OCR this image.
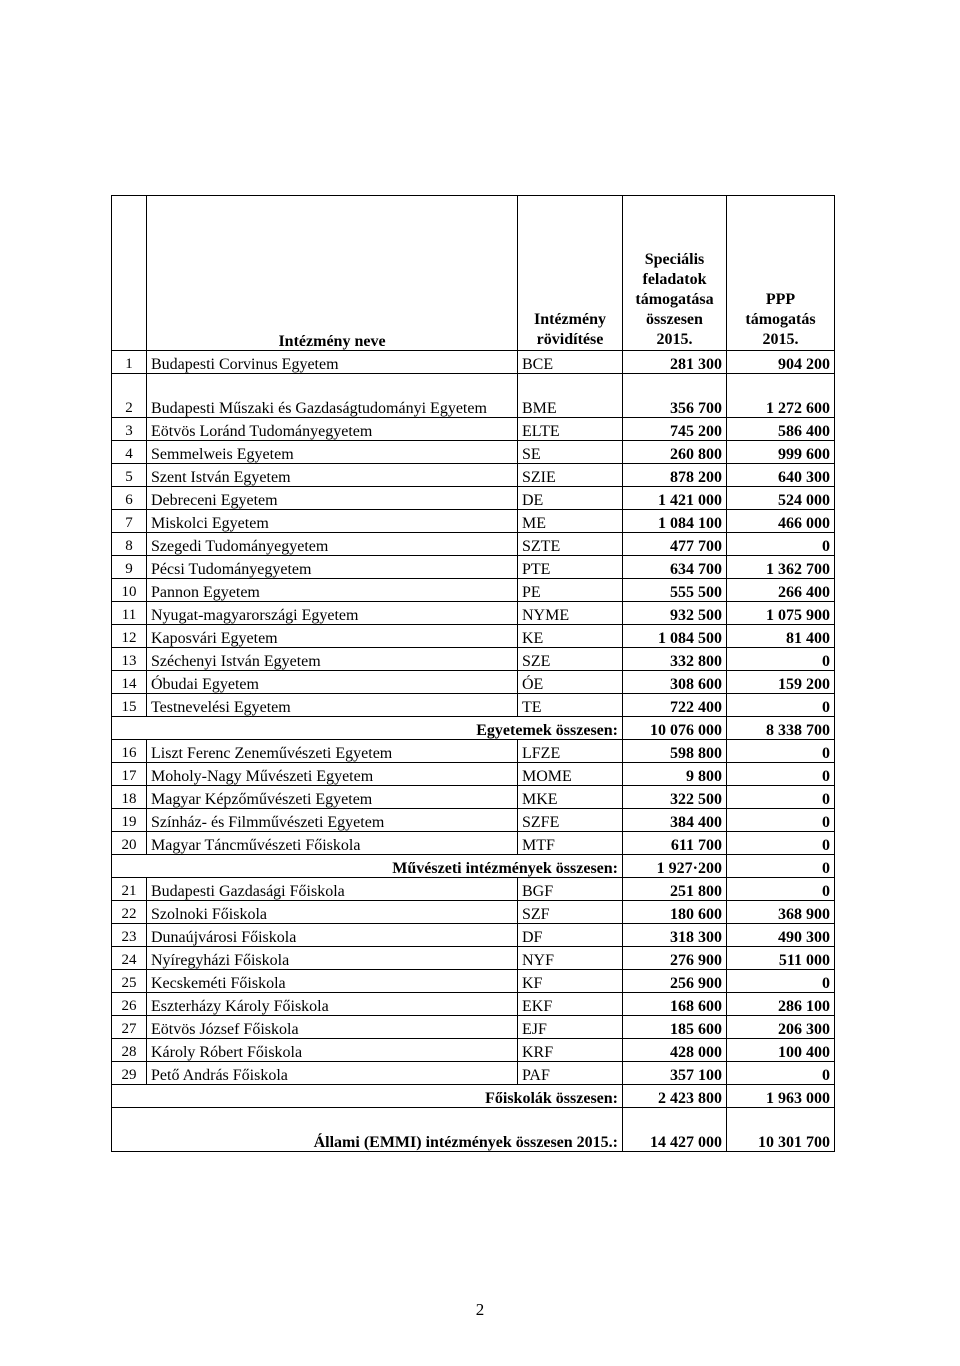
	Intézmény neve	Intézmény rövidítése	Speciális feladatok támogatása összesen 2015.	PPP támogatás 2015.
1	Budapesti Corvinus Egyetem	BCE	281 300	904 200
2	Budapesti Műszaki és Gazdaságtudományi Egyetem	BME	356 700	1 272 600
3	Eötvös Loránd Tudományegyetem	ELTE	745 200	586 400
4	Semmelweis Egyetem	SE	260 800	999 600
5	Szent István Egyetem	SZIE	878 200	640 300
6	Debreceni Egyetem	DE	1 421 000	524 000
7	Miskolci Egyetem	ME	1 084 100	466 000
8	Szegedi Tudományegyetem	SZTE	477 700	0
9	Pécsi Tudományegyetem	PTE	634 700	1 362 700
10	Pannon Egyetem	PE	555 500	266 400
11	Nyugat-magyarországi Egyetem	NYME	932 500	1 075 900
12	Kaposvári Egyetem	KE	1 084 500	81 400
13	Széchenyi István Egyetem	SZE	332 800	0
14	Óbudai Egyetem	ÓE	308 600	159 200
15	Testnevelési Egyetem	TE	722 400	0
Egyetemek összesen:			10 076 000	8 338 700
16	Liszt Ferenc Zeneművészeti Egyetem	LFZE	598 800	0
17	Moholy-Nagy Művészeti Egyetem	MOME	9 800	0
18	Magyar Képzőművészeti Egyetem	MKE	322 500	0
19	Színház- és Filmművészeti Egyetem	SZFE	384 400	0
20	Magyar Táncművészeti Főiskola	MTF	611 700	0
Művészeti intézmények összesen:			1 927·200	0
21	Budapesti Gazdasági Főiskola	BGF	251 800	0
22	Szolnoki Főiskola	SZF	180 600	368 900
23	Dunaújvárosi Főiskola	DF	318 300	490 300
24	Nyíregyházi Főiskola	NYF	276 900	511 000
25	Kecskeméti Főiskola	KF	256 900	0
26	Eszterházy Károly Főiskola	EKF	168 600	286 100
27	Eötvös József Főiskola	EJF	185 600	206 300
28	Károly Róbert Főiskola	KRF	428 000	100 400
29	Pető András Főiskola	PAF	357 100	0
Főiskolák összesen:			2 423 800	1 963 000
Állami (EMMI) intézmények összesen 2015.:			14 427 000	10 301 700
2
